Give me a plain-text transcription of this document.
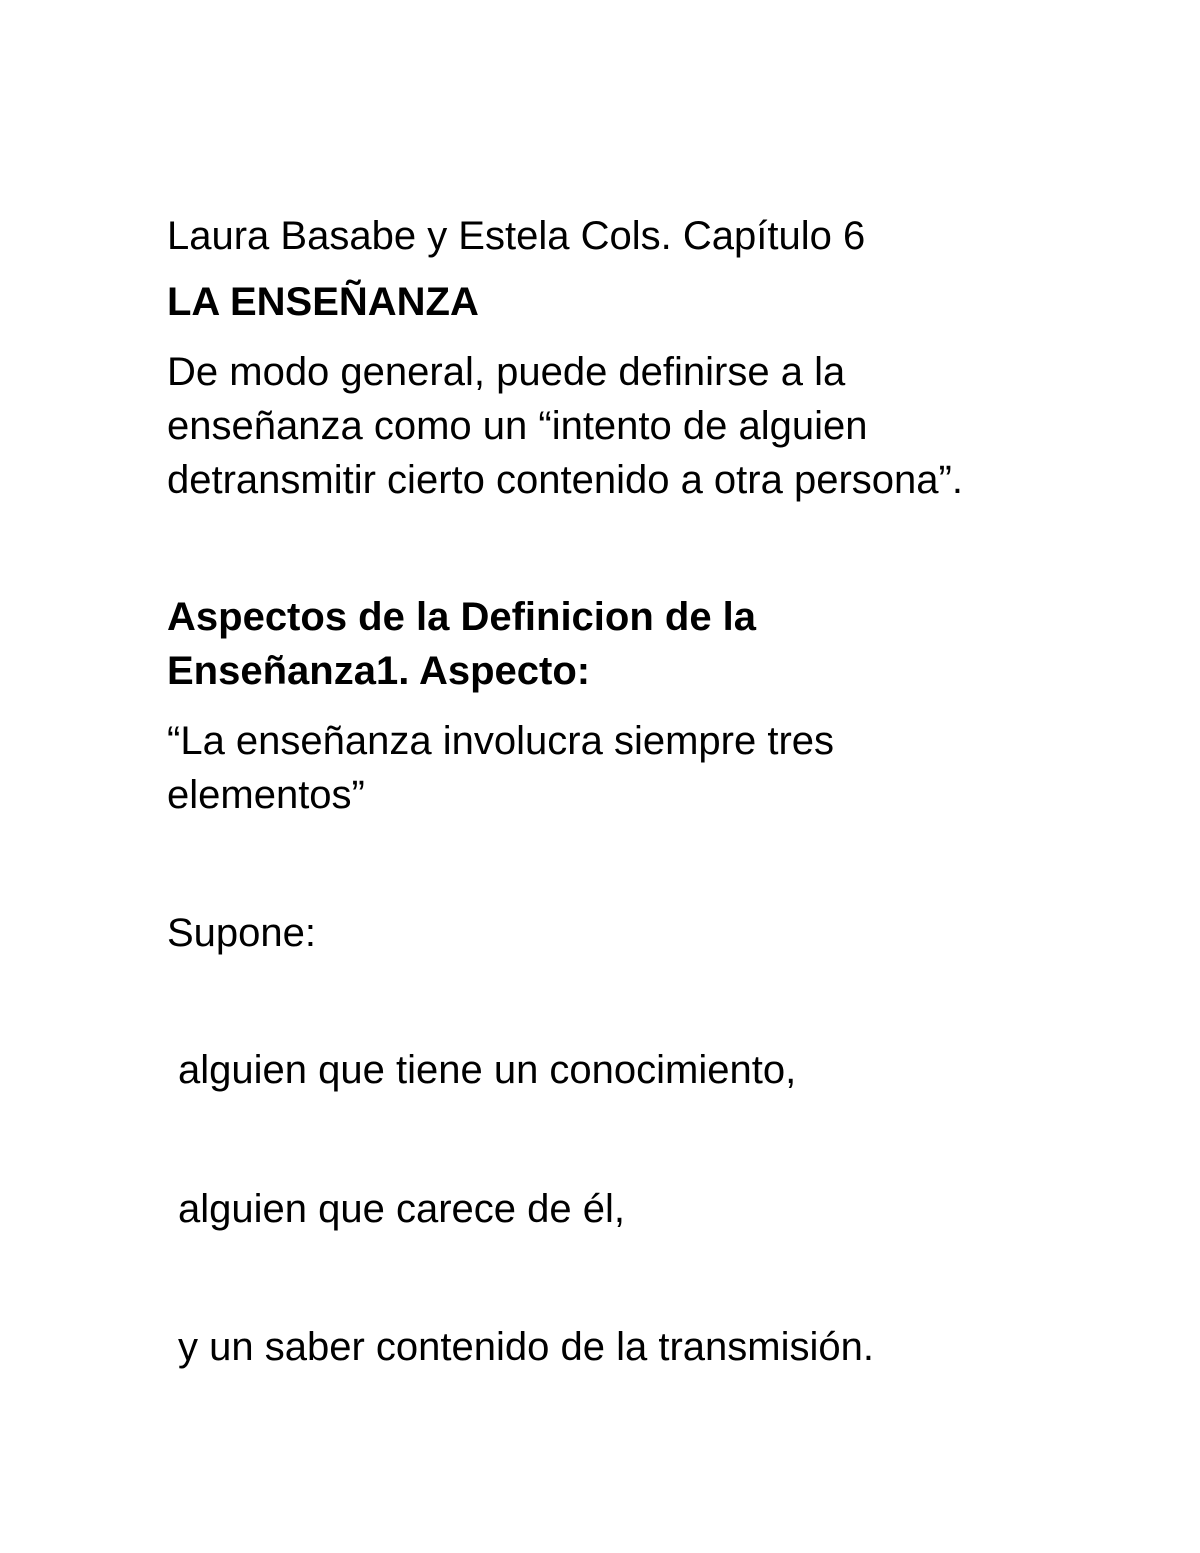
Laura Basabe y Estela Cols. Capítulo 6

LA ENSEÑANZA

De modo general, puede definirse a la

enseñanza como un “intento de alguien

detransmitir cierto contenido a otra persona”.

Aspectos de la Definicion de la

Enseñanza1. Aspecto:

“La enseñanza involucra siempre tres

elementos”

Supone:

alguien que tiene un conocimiento,

alguien que carece de él,

y un saber contenido de la transmisión.
